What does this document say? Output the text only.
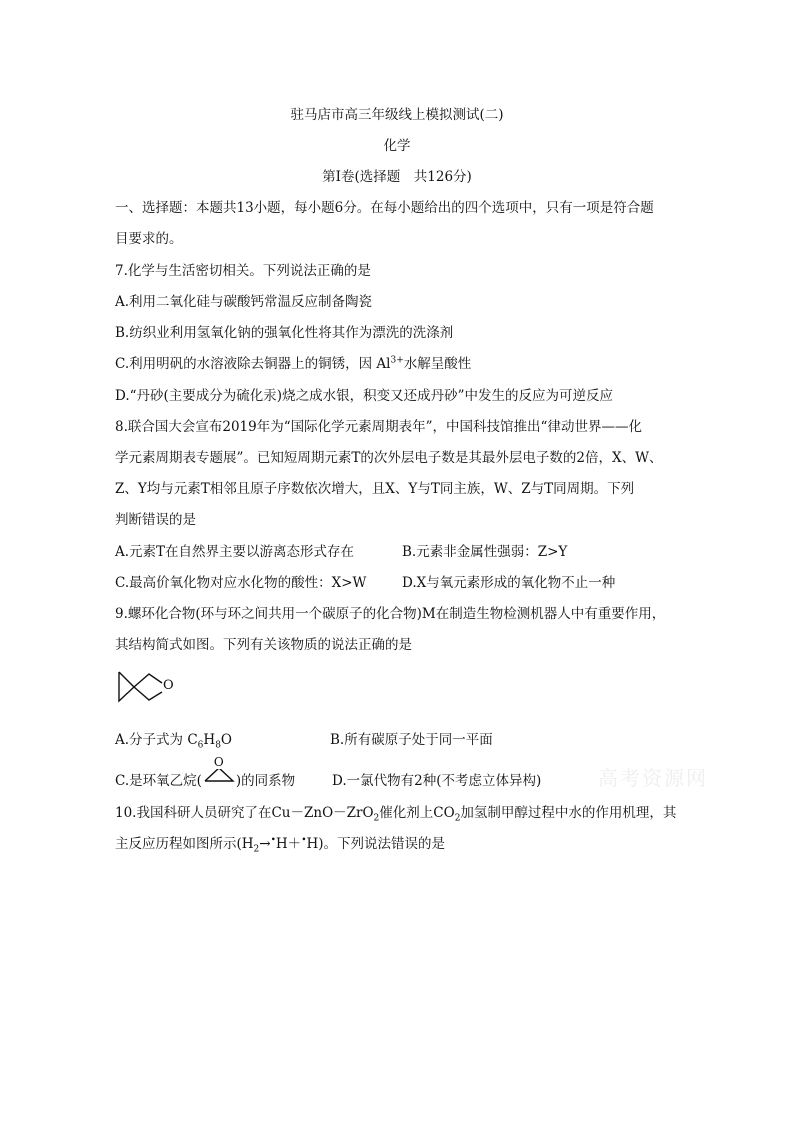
驻马店市高三年级线上模拟测试(二)
化学
第Ⅰ卷(选择题　共126分)
一、选择题：本题共13小题，每小题6分。在每小题给出的四个选项中，只有一项是符合题
目要求的。
7.化学与生活密切相关。下列说法正确的是
A.利用二氧化硅与碳酸钙常温反应制备陶瓷
B.纺织业利用氢氧化钠的强氧化性将其作为漂洗的洗涤剂
C.利用明矾的水溶液除去铜器上的铜锈，因 $Al^{3+}$水解呈酸性
D.“丹砂(主要成分为硫化汞)烧之成水银，积变又还成丹砂”中发生的反应为可逆反应
8.联合国大会宣布2019年为“国际化学元素周期表年”，中国科技馆推出“律动世界——化
学元素周期表专题展”。已知短周期元素T的次外层电子数是其最外层电子数的2倍，X、W、
Z、Y均与元素T相邻且原子序数依次增大，且X、Y与T同主族，W、Z与T同周期。下列
判断错误的是
A.元素T在自然界主要以游离态形式存在	B.元素非金属性强弱：Z>Y
C.最高价氧化物对应水化物的酸性：X>W	D.X与氧元素形成的氧化物不止一种
9.螺环化合物(环与环之间共用一个碳原子的化合物)M在制造生物检测机器人中有重要作用，
其结构简式如图。下列有关该物质的说法正确的是
O
A.分子式为 $C_6H_8O$	B.所有碳原子处于同一平面
C.是环氧乙烷(
O
)的同系物	D.一氯代物有2种(不考虑立体异构)
10.我国科研人员研究了在Cu－ZnO－ZrO$_2$催化剂上$CO_2$加氢制甲醇过程中水的作用机理，其
主反应历程如图所示$(H_2\to^•H+^•H)$。下列说法错误的是
高考资源网
